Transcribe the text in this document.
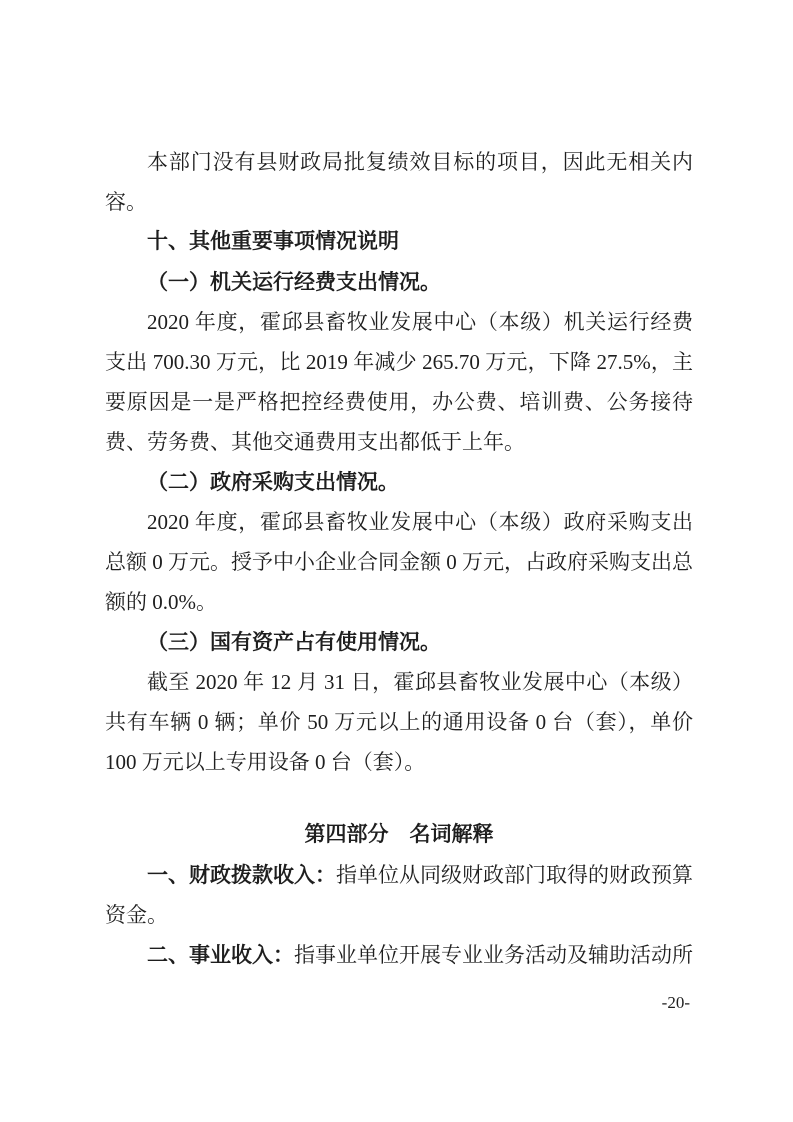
本部门没有县财政局批复绩效目标的项目，因此无相关内容。

十、其他重要事项情况说明

（一）机关运行经费支出情况。

2020 年度，霍邱县畜牧业发展中心（本级）机关运行经费支出 700.30 万元，比 2019 年减少 265.70 万元，下降 27.5%，主要原因是一是严格把控经费使用，办公费、培训费、公务接待费、劳务费、其他交通费用支出都低于上年。

（二）政府采购支出情况。

2020 年度，霍邱县畜牧业发展中心（本级）政府采购支出总额 0 万元。授予中小企业合同金额 0 万元，占政府采购支出总额的 0.0%。

（三）国有资产占有使用情况。

截至 2020 年 12 月 31 日，霍邱县畜牧业发展中心（本级）共有车辆 0 辆；单价 50 万元以上的通用设备 0 台（套），单价 100 万元以上专用设备 0 台（套）。

第四部分　名词解释

一、财政拨款收入：指单位从同级财政部门取得的财政预算资金。

二、事业收入：指事业单位开展专业业务活动及辅助活动所

-20-
